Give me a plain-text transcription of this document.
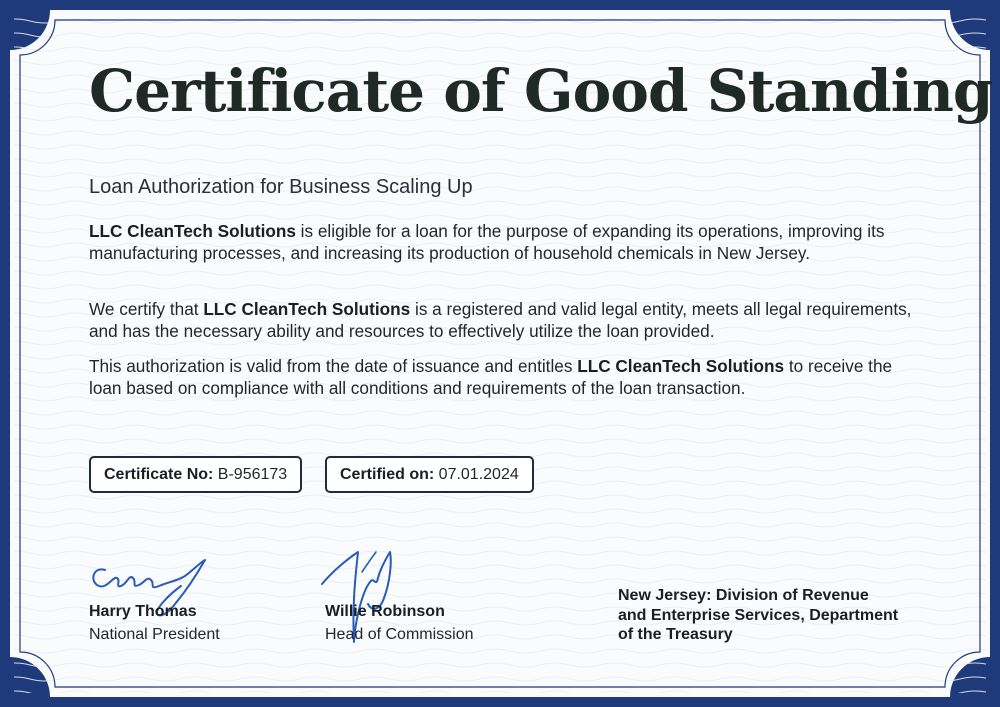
Certificate of Good Standing
Loan Authorization for Business Scaling Up
LLC CleanTech Solutions is eligible for a loan for the purpose of expanding its operations, improving its manufacturing processes, and increasing its production of household chemicals in New Jersey.
We certify that LLC CleanTech Solutions is a registered and valid legal entity, meets all legal requirements, and has the necessary ability and resources to effectively utilize the loan provided.
This authorization is valid from the date of issuance and entitles LLC CleanTech Solutions to receive the loan based on compliance with all conditions and requirements of the loan transaction.
Certificate No: B-956173	Certified on: 07.01.2024
Harry Thomas
National President
Willie Robinson
Head of Commission
New Jersey: Division of Revenue
and Enterprise Services, Department
of the Treasury
